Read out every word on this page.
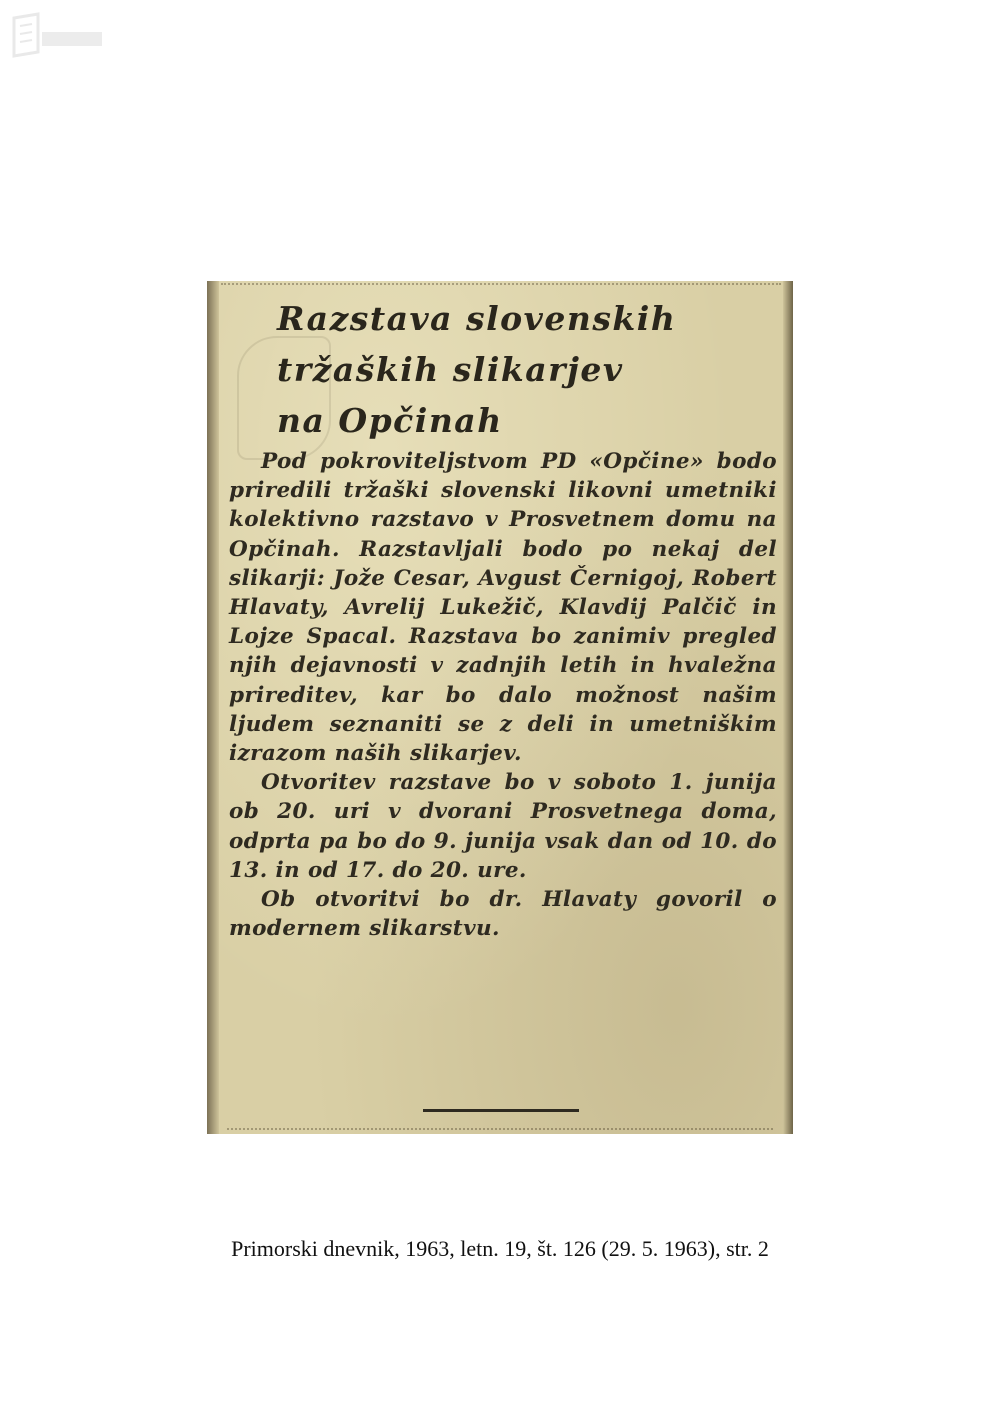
Razstava slovenskih
tržaških slikarjev
na Opčinah

Pod pokroviteljstvom PD «Opčine» bodo priredili tržaški slovenski likovni umetniki kolektivno razstavo v Prosvetnem domu na Opčinah. Razstavljali bodo po nekaj del slikarji: Jože Cesar, Avgust Černigoj, Robert Hlavaty, Avrelij Lukežič, Klavdij Palčič in Lojze Spacal. Razstava bo zanimiv pregled njih dejavnosti v zadnjih letih in hvaležna prireditev, kar bo dalo možnost našim ljudem seznaniti se z deli in umetniškim izrazom naših slikarjev.

Otvoritev razstave bo v soboto 1. junija ob 20. uri v dvorani Prosvetnega doma, odprta pa bo do 9. junija vsak dan od 10. do 13. in od 17. do 20. ure.

Ob otvoritvi bo dr. Hlavaty govoril o modernem slikarstvu.

Primorski dnevnik, 1963, letn. 19, št. 126 (29. 5. 1963), str. 2
